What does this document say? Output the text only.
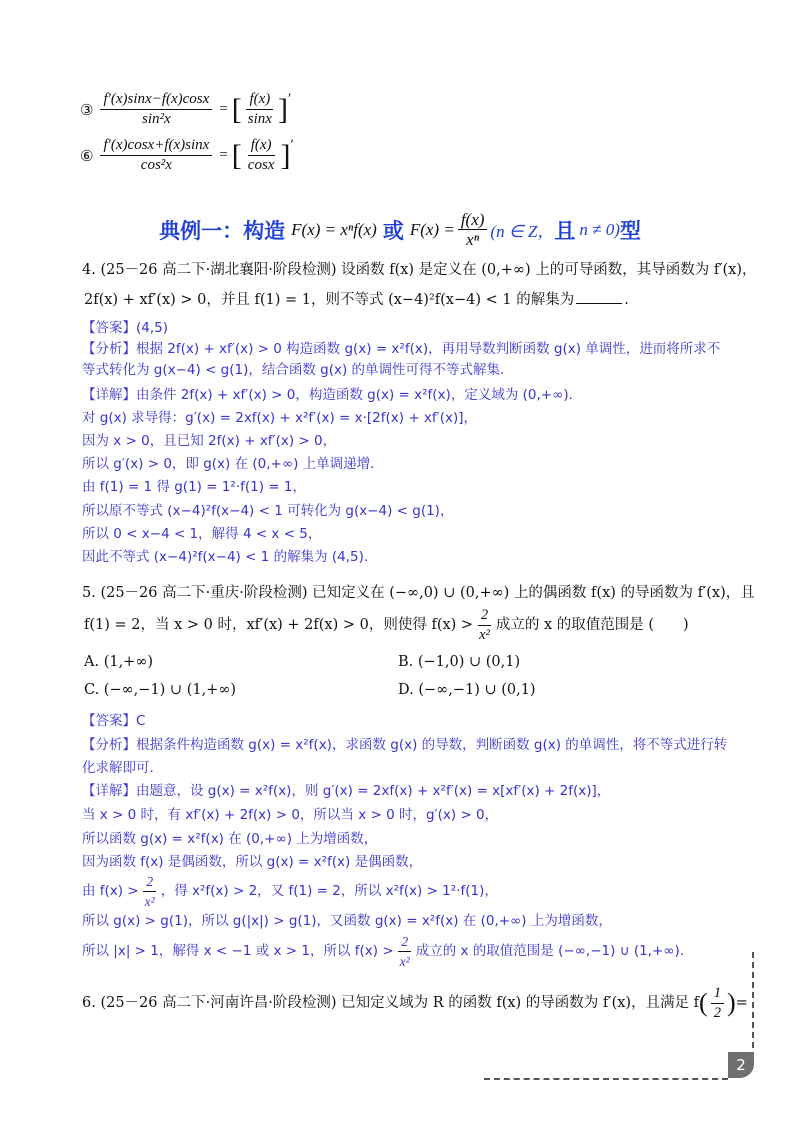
③ $\frac{f'(x)\sin x-f(x)\cos x}{\text{sin²x}}$ = [ $\frac{f(x)}{\sin x}$ ] ′
⑥ $\frac{f'(x)\cos x+f(x)\sin x}{\text{cos²x}}$ = [ $\frac{f(x)}{\cos x}$ ] ′
典例一：构造 F(x) = xⁿf(x) 或 $F(x) = \frac{f(x)}{\text{xⁿ}} (n$ ∈ Z， 且 n ≠ 0) 型
4. (25－26 高二下·湖北襄阳·阶段检测) 设函数 f(x) 是定义在 (0,+∞) 上的可导函数，其导函数为 f′(x)，
2f(x) + xf′(x) > 0，并且 f(1) = 1，则不等式 (x−4)²f(x−4) < 1 的解集为	.
【答案】(4,5)
【分析】根据 2f(x) + xf′(x) > 0 构造函数 g(x) = x²f(x)，再用导数判断函数 g(x) 单调性，进而将所求不
等式转化为 g(x−4) < g(1)，结合函数 g(x) 的单调性可得不等式解集.
【详解】由条件 2f(x) + xf′(x) > 0，构造函数 g(x) = x²f(x)，定义域为 (0,+∞).
对 g(x) 求导得：g′(x) = 2xf(x) + x²f′(x) = x·[2f(x) + xf′(x)]，
因为 x > 0，且已知 2f(x) + xf′(x) > 0，
所以 g′(x) > 0，即 g(x) 在 (0,+∞) 上单调递增.
由 f(1) = 1 得 g(1) = 1²·f(1) = 1，
所以原不等式 (x−4)²f(x−4) < 1 可转化为 g(x−4) < g(1)，
所以 0 < x−4 < 1，解得 4 < x < 5，
因此不等式 (x−4)²f(x−4) < 1 的解集为 (4,5).
5. (25－26 高二下·重庆·阶段检测) 已知定义在 (−∞,0) ∪ (0,+∞) 上的偶函数 f(x) 的导函数为 f′(x)，且
f(1) = 2，当 x > 0 时，xf′(x) + 2f(x) > 0，则使得 $f(x) > \frac{2}{\text{x²}}$ 成立的 x 的取值范围是 (　　)
A. (1,+∞)	B. (−1,0) ∪ (0,1)
C. (−∞,−1) ∪ (1,+∞)	D. (−∞,−1) ∪ (0,1)
【答案】C
【分析】根据条件构造函数 g(x) = x²f(x)，求函数 g(x) 的导数，判断函数 g(x) 的单调性，将不等式进行转
化求解即可.
【详解】由题意，设 g(x) = x²f(x)，则 g′(x) = 2xf(x) + x²f′(x) = x[xf′(x) + 2f(x)]，
当 x > 0 时，有 xf′(x) + 2f(x) > 0，所以当 x > 0 时，g′(x) > 0，
所以函数 g(x) = x²f(x) 在 (0,+∞) 上为增函数，
因为函数 f(x) 是偶函数，所以 g(x) = x²f(x) 是偶函数，
由 $f(x) > \frac{2}{\text{x²}}$ ，得 x²f(x) > 2，又 f(1) = 2，所以 x²f(x) > 1²·f(1)，
所以 g(x) > g(1)，所以 g(|x|) > g(1)，又函数 g(x) = x²f(x) 在 (0,+∞) 上为增函数，
所以 |x| > 1，解得 x < −1 或 x > 1，所以 $f(x) > \frac{2}{\text{x²}}$ 成立的 x 的取值范围是 (−∞,−1) ∪ (1,+∞).
6. (25－26 高二下·河南许昌·阶段检测) 已知定义域为 R 的函数 f(x) 的导函数为 f′(x)，且满足 f ( $\frac{1}{2}$ ) =
2
